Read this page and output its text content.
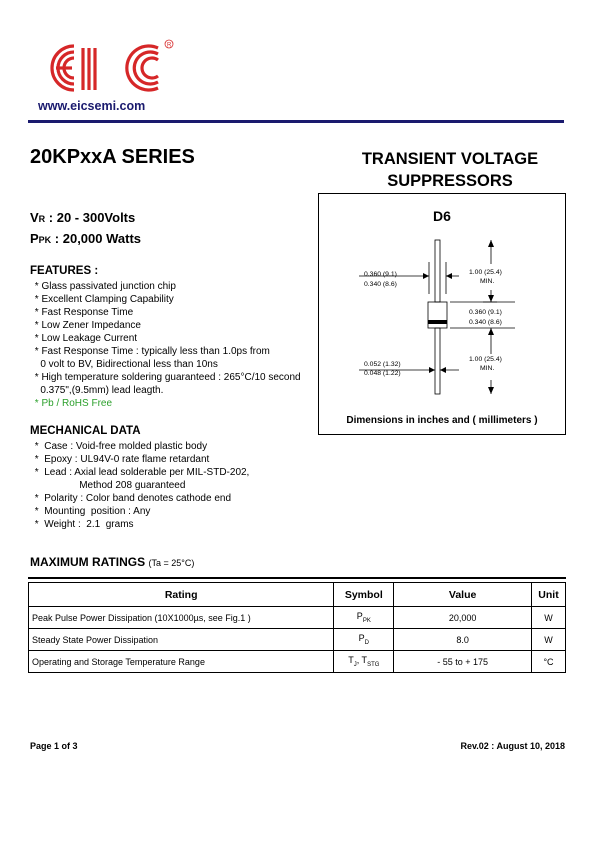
R
www.eicsemi.com
20KPxxA SERIES	TRANSIENT VOLTAGE
SUPPRESSORS
VR : 20 - 300Volts
PPK : 20,000 Watts
FEATURES :
* Glass passivated junction chip
* Excellent Clamping Capability
* Fast Response Time
* Low Zener Impedance
* Low Leakage Current
* Fast Response Time : typically less than 1.0ps from
0 volt to BV, Bidirectional less than 10ns
* High temperature soldering guaranteed : 265°C/10 second
0.375",(9.5mm) lead leagth.
* Pb / RoHS Free
MECHANICAL DATA
*  Case : Void-free molded plastic body
*  Epoxy : UL94V-0 rate flame retardant
*  Lead : Axial lead solderable per MIL-STD-202,
Method 208 guaranteed
*  Polarity : Color band denotes cathode end
*  Mounting  position : Any
*  Weight :  2.1  grams
D6
0.360 (9.1)
0.340 (8.6)
1.00 (25.4)
MIN.
0.360 (9.1)
0.340 (8.6)
0.052 (1.32)
0.048 (1.22)
1.00 (25.4)
MIN.
Dimensions in inches and ( millimeters )
MAXIMUM RATINGS (Ta = 25°C)
Rating	Symbol	Value	Unit
Peak Pulse Power Dissipation (10X1000µs, see Fig.1 )	$P_{PK}$	20,000	W
Steady State Power Dissipation	$P_D$	8.0	W
Operating and Storage Temperature Range	$T_J$, $T_{STG}$	- 55 to + 175	°C
Page 1 of 3	Rev.02 : August 10, 2018
